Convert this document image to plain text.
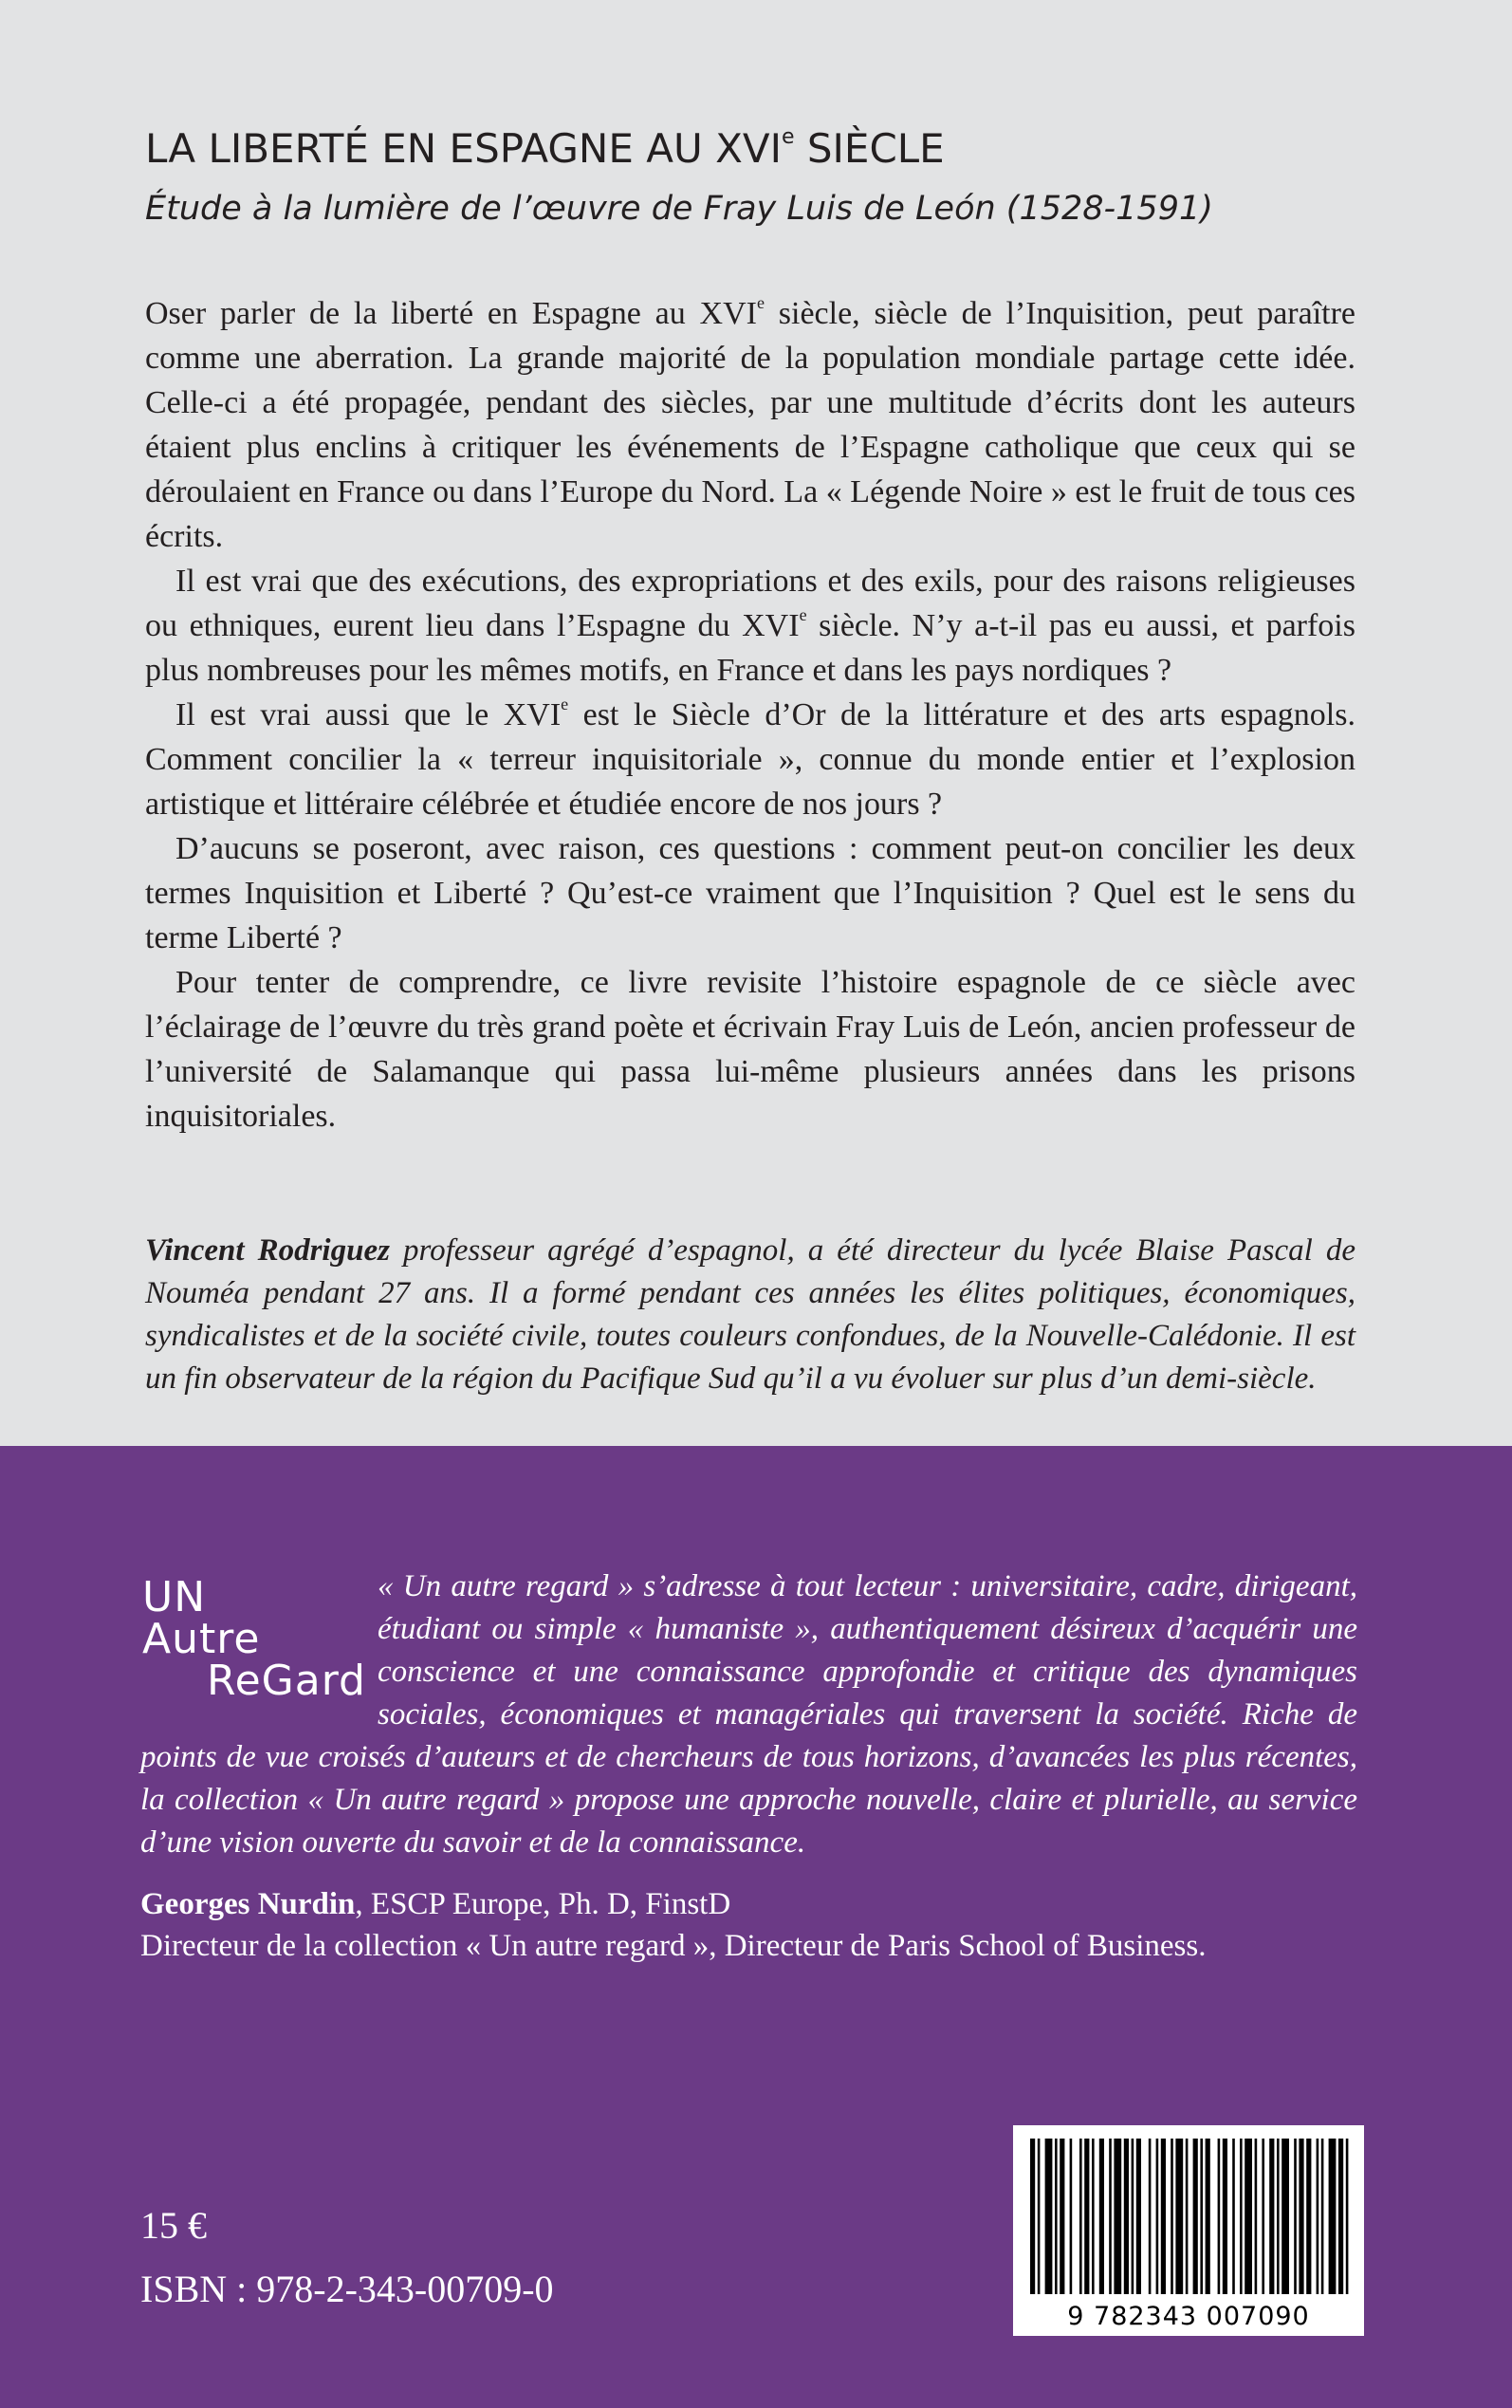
LA LIBERTÉ EN ESPAGNE AU XVIe SIÈCLE
Étude à la lumière de l’œuvre de Fray Luis de León (1528-1591)

Oser parler de la liberté en Espagne au XVIe siècle, siècle de l’Inquisition, peut paraître comme une aberration. La grande majorité de la population mondiale partage cette idée. Celle-ci a été propagée, pendant des siècles, par une multitude d’écrits dont les auteurs étaient plus enclins à critiquer les événements de l’Espagne catholique que ceux qui se déroulaient en France ou dans l’Europe du Nord. La « Légende Noire » est le fruit de tous ces écrits.

Il est vrai que des exécutions, des expropriations et des exils, pour des raisons religieuses ou ethniques, eurent lieu dans l’Espagne du XVIe siècle. N’y a-t-il pas eu aussi, et parfois plus nombreuses pour les mêmes motifs, en France et dans les pays nordiques ?

Il est vrai aussi que le XVIe est le Siècle d’Or de la littérature et des arts espagnols. Comment concilier la « terreur inquisitoriale », connue du monde entier et l’explosion artistique et littéraire célébrée et étudiée encore de nos jours ?

D’aucuns se poseront, avec raison, ces questions : comment peut-on concilier les deux termes Inquisition et Liberté ? Qu’est-ce vraiment que l’Inquisition ? Quel est le sens du terme Liberté ?

Pour tenter de comprendre, ce livre revisite l’histoire espagnole de ce siècle avec l’éclairage de l’œuvre du très grand poète et écrivain Fray Luis de León, ancien professeur de l’université de Salamanque qui passa lui-même plusieurs années dans les prisons inquisitoriales.

Vincent Rodriguez professeur agrégé d’espagnol, a été directeur du lycée Blaise Pascal de Nouméa pendant 27 ans. Il a formé pendant ces années les élites politiques, économiques, syndicalistes et de la société civile, toutes couleurs confondues, de la Nouvelle-Calédonie. Il est un fin observateur de la région du Pacifique Sud qu’il a vu évoluer sur plus d’un demi-siècle.
UN
Autre
ReGard
« Un autre regard » s’adresse à tout lecteur : universitaire, cadre, dirigeant, étudiant ou simple « humaniste », authentiquement désireux d’acquérir une conscience et une connaissance approfondie et critique des dynamiques sociales, économiques et managériales qui traversent la société. Riche de points de vue croisés d’auteurs et de chercheurs de tous horizons, d’avancées les plus récentes, la collection « Un autre regard » propose une approche nouvelle, claire et plurielle, au service d’une vision ouverte du savoir et de la connaissance.
Georges Nurdin, ESCP Europe, Ph. D, FinstD
Directeur de la collection « Un autre regard », Directeur de Paris School of Business.
15 €
ISBN : 978-2-343-00709-0
9 782343 007090
